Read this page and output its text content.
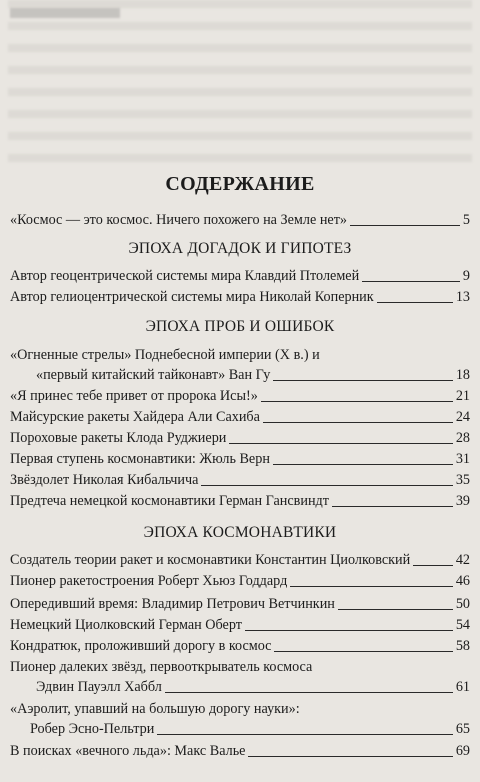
СОДЕРЖАНИЕ
«Космос — это космос. Ничего похожего на Земле нет»	5
ЭПОХА ДОГАДОК И ГИПОТЕЗ
Автор геоцентрической системы мира Клавдий Птолемей	9
Автор гелиоцентрической системы мира Николай Коперник	13
ЭПОХА ПРОБ И ОШИБОК
«Огненные стрелы» Поднебесной империи (X в.) и
«первый китайский тайконавт» Ван Гу	18
«Я принес тебе привет от пророка Исы!»	21
Майсурские ракеты Хайдера Али Сахиба	24
Пороховые ракеты Клода Руджиери	28
Первая ступень космонавтики: Жюль Верн	31
Звёздолет Николая Кибальчича	35
Предтеча немецкой космонавтики Герман Гансвиндт	39
ЭПОХА КОСМОНАВТИКИ
Создатель теории ракет и космонавтики Константин Циолковский	42
Пионер ракетостроения Роберт Хьюз Годдард	46
Опередивший время: Владимир Петрович Ветчинкин	50
Немецкий Циолковский Герман Оберт	54
Кондратюк, проложивший дорогу в космос	58
Пионер далеких звёзд, первооткрыватель космоса
Эдвин Пауэлл Хаббл	61
«Аэролит, упавший на большую дорогу науки»:
Робер Эсно-Пельтри	65
В поисках «вечного льда»: Макс Валье	69
